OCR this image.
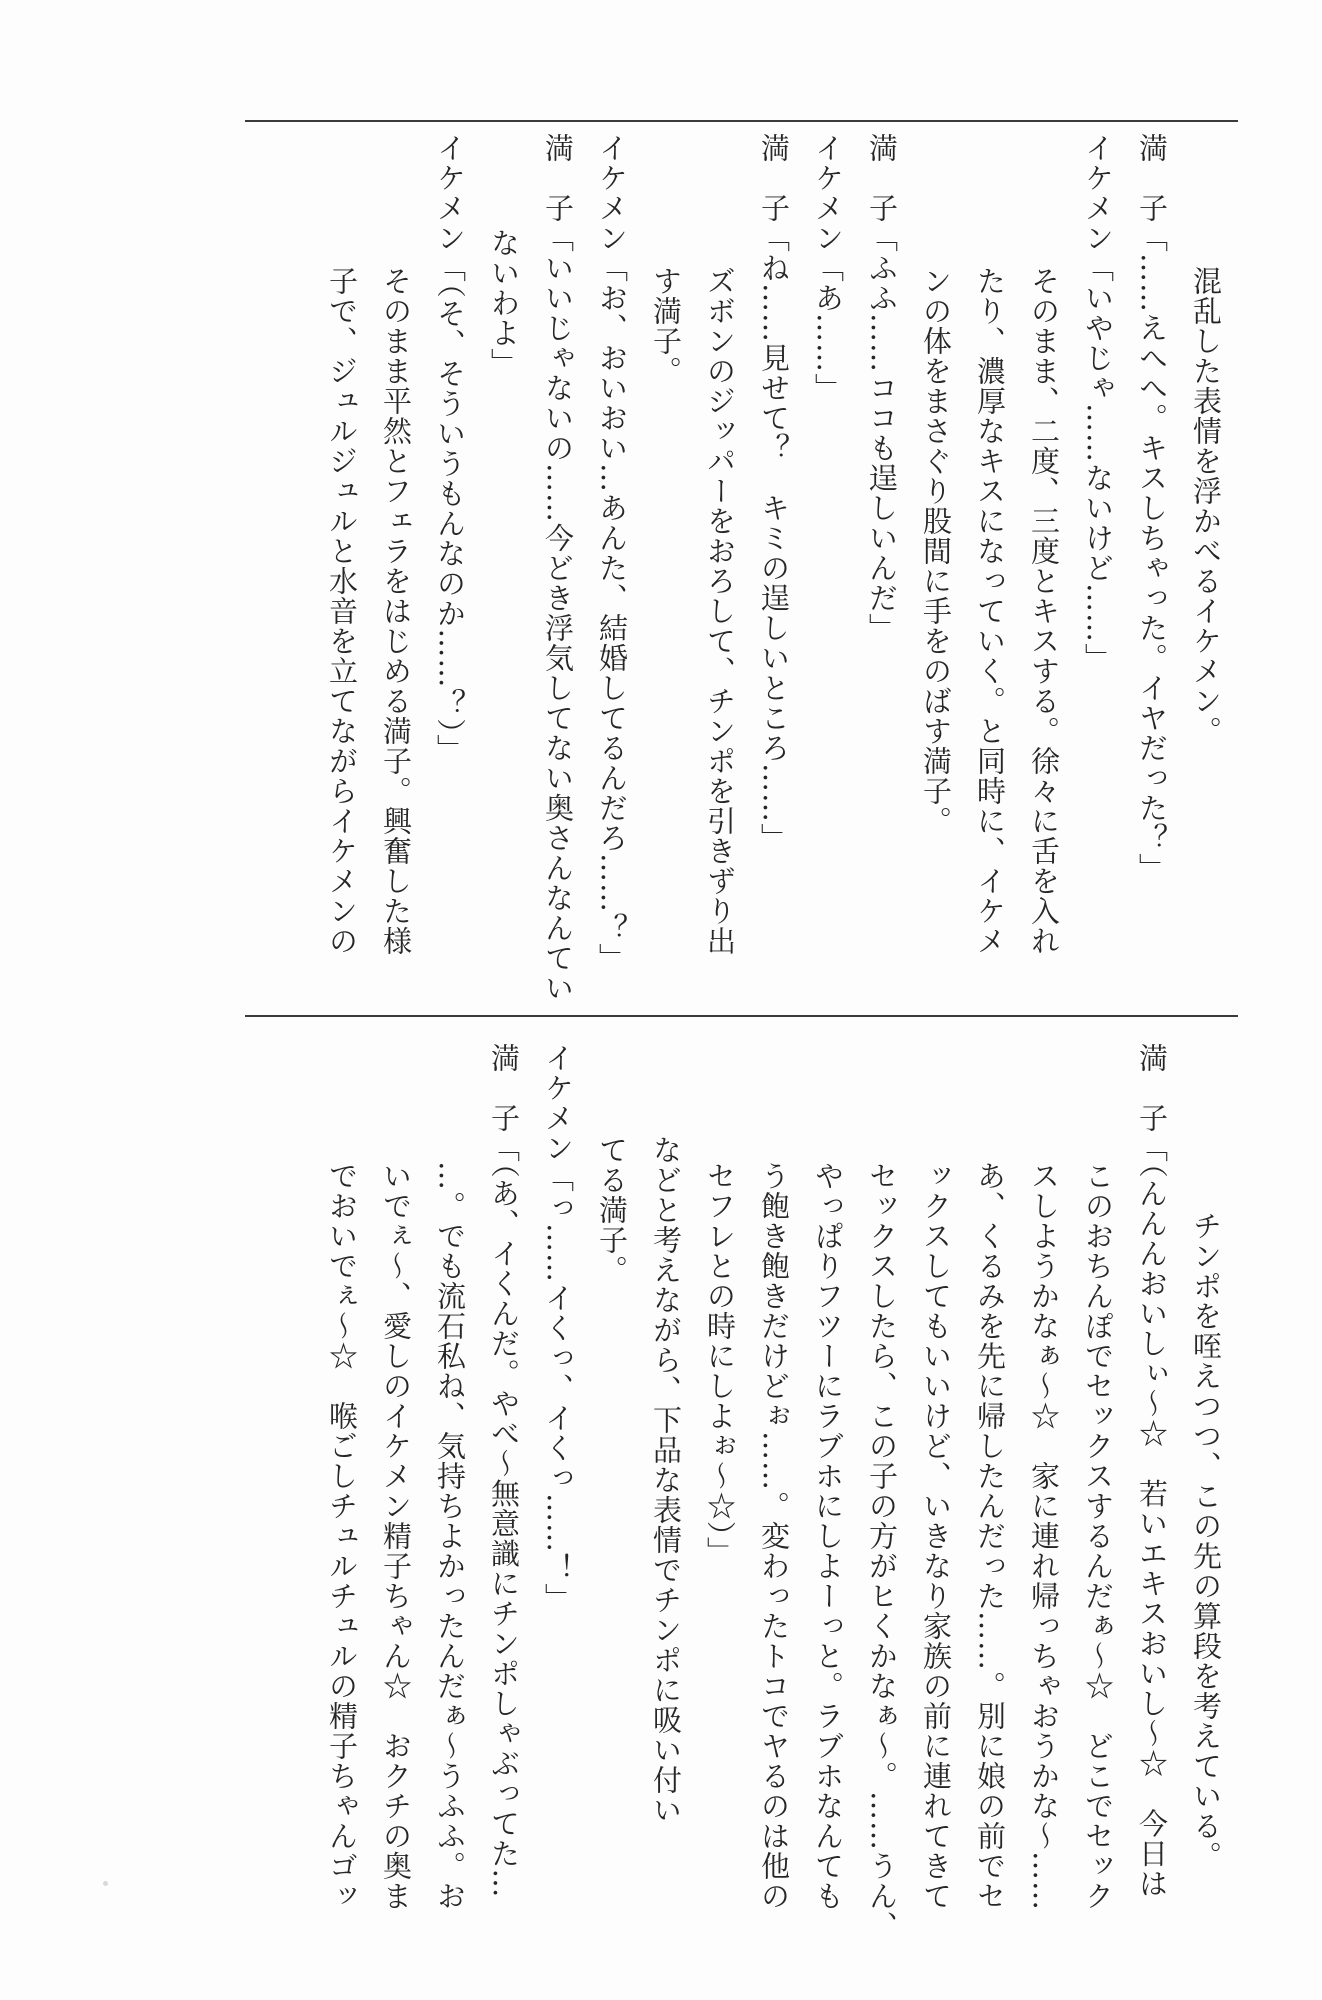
混乱した表情を浮かべるイケメン。
満　子「……えへへ。キスしちゃった。イヤだった？」
イケメン「いやじゃ……ないけど……」
そのまま、二度、三度とキスする。徐々に舌を入れ
たり、濃厚なキスになっていく。と同時に、イケメ
ンの体をまさぐり股間に手をのばす満子。
満　子「ふふ……ココも逞しいんだ」
イケメン「あ……」
満　子「ね……見せて？　キミの逞しいところ……」
ズボンのジッパーをおろして、チンポを引きずり出
す満子。
イケメン「お、おいおい…あんた、結婚してるんだろ……？」
満　子「いいじゃないの……今どき浮気してない奥さんなんてい
ないわよ」
イケメン「（そ、そういうもんなのか……？）」
そのまま平然とフェラをはじめる満子。興奮した様
子で、ジュルジュルと水音を立てながらイケメンの
チンポを咥えつつ、この先の算段を考えている。
満　子「（んんんおいしぃ～☆　若いエキスおいし～☆　今日は
このおちんぽでセックスするんだぁ～☆　どこでセック
スしようかなぁ～☆　家に連れ帰っちゃおうかな～……
あ、くるみを先に帰したんだった……。別に娘の前でセ
ックスしてもいいけど、いきなり家族の前に連れてきて
セックスしたら、この子の方がヒくかなぁ～。……うん、
やっぱりフツーにラブホにしよーっと。ラブホなんても
う飽き飽きだけどぉ……。変わったトコでヤるのは他の
セフレとの時にしよぉ～☆）」
などと考えながら、下品な表情でチンポに吸い付い
てる満子。
イケメン「っ……イくっ、イくっ……！」
満　子「（あ、イくんだ。やべ～無意識にチンポしゃぶってた…
…。でも流石私ね、気持ちよかったんだぁ～うふふ。お
いでぇ～、愛しのイケメン精子ちゃん☆　おクチの奥ま
でおいでぇ～☆　喉ごしチュルチュルの精子ちゃんゴッ
